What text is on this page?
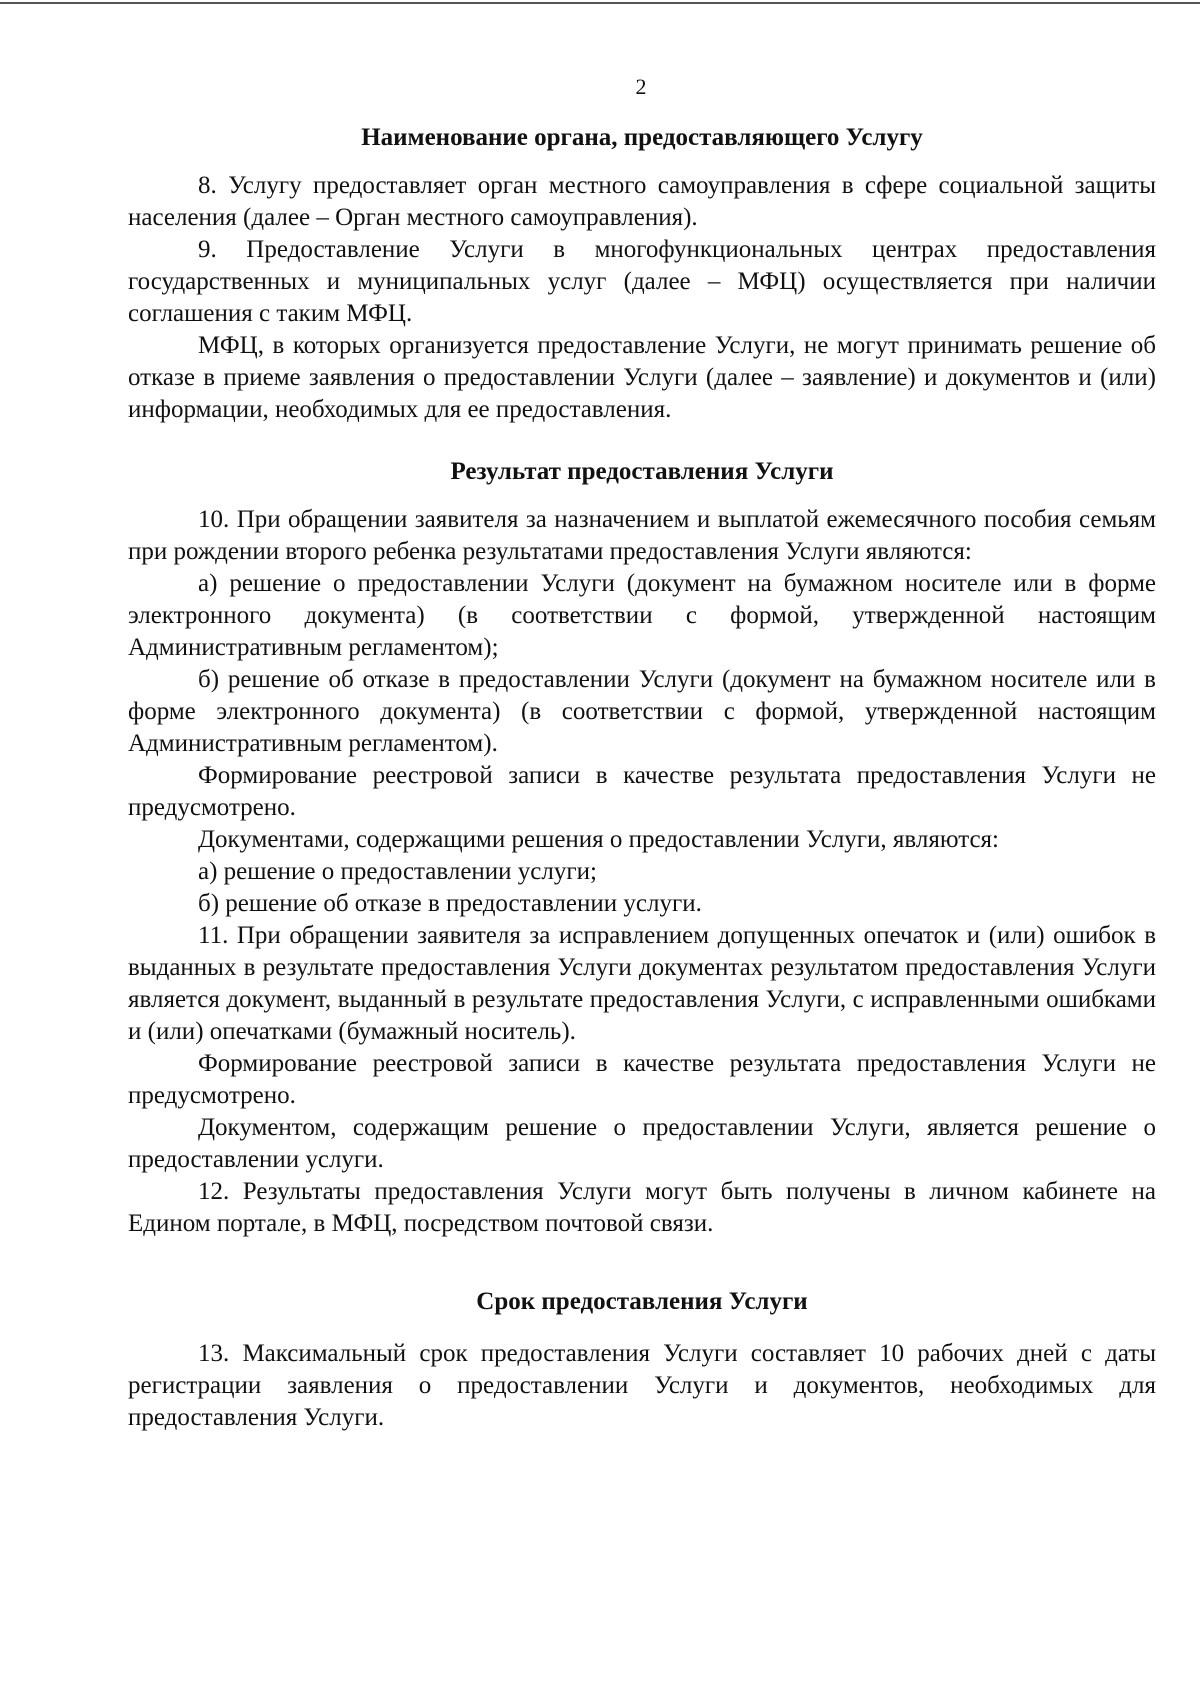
2
Наименование органа, предоставляющего Услугу

8. Услугу предоставляет орган местного самоуправления в сфере социальной защиты населения (далее – Орган местного самоуправления).

9. Предоставление Услуги в многофункциональных центрах предоставления государственных и муниципальных услуг (далее – МФЦ) осуществляется при наличии соглашения с таким МФЦ.

МФЦ, в которых организуется предоставление Услуги, не могут принимать решение об отказе в приеме заявления о предоставлении Услуги (далее – заявление) и документов и (или) информации, необходимых для ее предоставления.

Результат предоставления Услуги

10. При обращении заявителя за назначением и выплатой ежемесячного пособия семьям при рождении второго ребенка результатами предоставления Услуги являются:

а) решение о предоставлении Услуги (документ на бумажном носителе или в форме электронного документа) (в соответствии с формой, утвержденной настоящим Административным регламентом);

б) решение об отказе в предоставлении Услуги (документ на бумажном носителе или в форме электронного документа) (в соответствии с формой, утвержденной настоящим Административным регламентом).

Формирование реестровой записи в качестве результата предоставления Услуги не предусмотрено.

Документами, содержащими решения о предоставлении Услуги, являются:

а) решение о предоставлении услуги;

б) решение об отказе в предоставлении услуги.

11. При обращении заявителя за исправлением допущенных опечаток и (или) ошибок в выданных в результате предоставления Услуги документах результатом предоставления Услуги является документ, выданный в результате предоставления Услуги, с исправленными ошибками и (или) опечатками (бумажный носитель).

Формирование реестровой записи в качестве результата предоставления Услуги не предусмотрено.

Документом, содержащим решение о предоставлении Услуги, является решение о предоставлении услуги.

12. Результаты предоставления Услуги могут быть получены в личном кабинете на Едином портале, в МФЦ, посредством почтовой связи.

Срок предоставления Услуги

13. Максимальный срок предоставления Услуги составляет 10 рабочих дней с даты регистрации заявления о предоставлении Услуги и документов, необходимых для предоставления Услуги.
